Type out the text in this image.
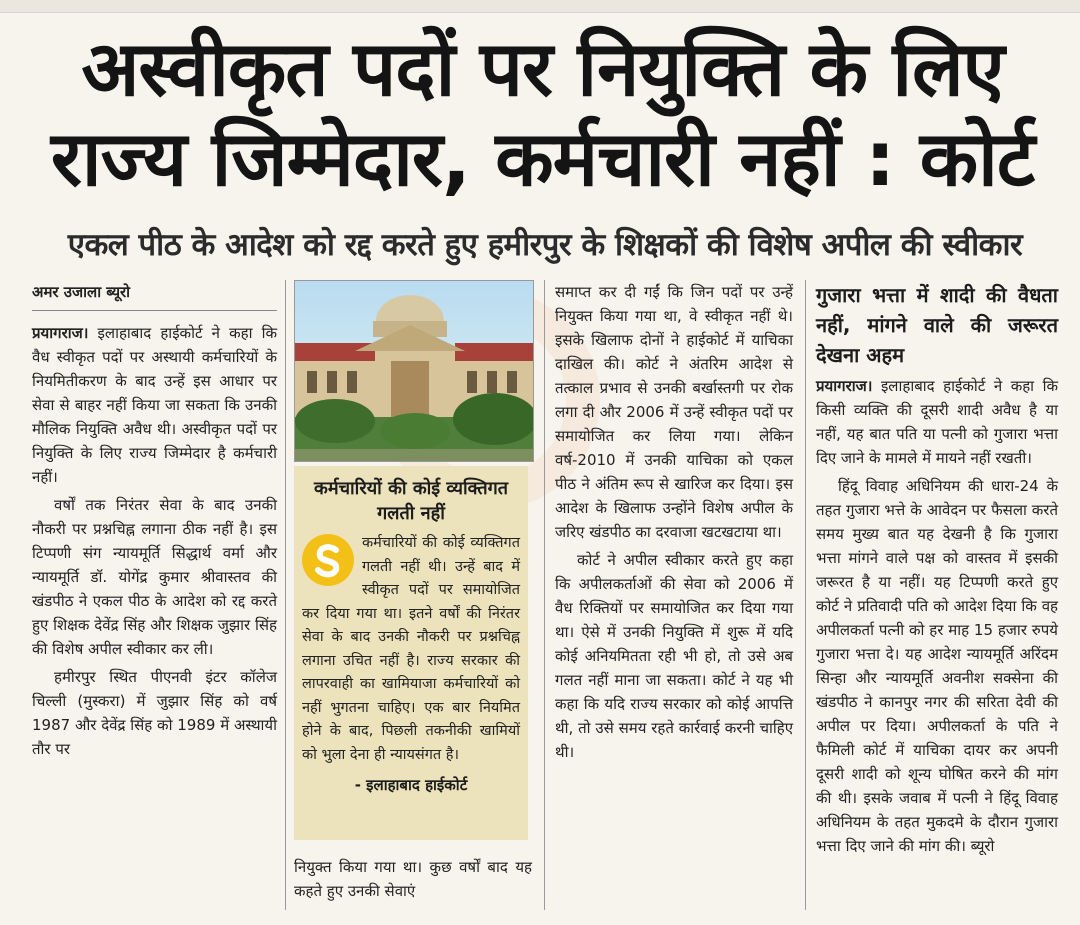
अस्वीकृत पदों पर नियुक्ति के लिए राज्य जिम्मेदार, कर्मचारी नहीं : कोर्ट
एकल पीठ के आदेश को रद्द करते हुए हमीरपुर के शिक्षकों की विशेष अपील की स्वीकार
अमर उजाला ब्यूरो

प्रयागराज। इलाहाबाद हाईकोर्ट ने कहा कि वैध स्वीकृत पदों पर अस्थायी कर्मचारियों के नियमितीकरण के बाद उन्हें इस आधार पर सेवा से बाहर नहीं किया जा सकता कि उनकी मौलिक नियुक्ति अवैध थी। अस्वीकृत पदों पर नियुक्ति के लिए राज्य जिम्मेदार है कर्मचारी नहीं।

वर्षों तक निरंतर सेवा के बाद उनकी नौकरी पर प्रश्नचिह्न लगाना ठीक नहीं है। इस टिप्पणी संग न्यायमूर्ति सिद्धार्थ वर्मा और न्यायमूर्ति डॉ. योगेंद्र कुमार श्रीवास्तव की खंडपीठ ने एकल पीठ के आदेश को रद्द करते हुए शिक्षक देवेंद्र सिंह और शिक्षक जुझार सिंह की विशेष अपील स्वीकार कर ली।

हमीरपुर स्थित पीएनवी इंटर कॉलेज चिल्ली (मुस्करा) में जुझार सिंह को वर्ष 1987 और देवेंद्र सिंह को 1989 में अस्थायी तौर पर

कर्मचारियों की कोई व्यक्तिगत गलती नहीं
कर्मचारियों की कोई व्यक्तिगत गलती नहीं थी। उन्हें बाद में स्वीकृत पदों पर समायोजित कर दिया गया था। इतने वर्षों की निरंतर सेवा के बाद उनकी नौकरी पर प्रश्नचिह्न लगाना उचित नहीं है। राज्य सरकार की लापरवाही का खामियाजा कर्मचारियों को नहीं भुगतना चाहिए। एक बार नियमित होने के बाद, पिछली तकनीकी खामियों को भुला देना ही न्यायसंगत है।
- इलाहाबाद हाईकोर्ट

नियुक्त किया गया था। कुछ वर्षों बाद यह कहते हुए उनकी सेवाएं

समाप्त कर दी गईं कि जिन पदों पर उन्हें नियुक्त किया गया था, वे स्वीकृत नहीं थे। इसके खिलाफ दोनों ने हाईकोर्ट में याचिका दाखिल की। कोर्ट ने अंतरिम आदेश से तत्काल प्रभाव से उनकी बर्खास्तगी पर रोक लगा दी और 2006 में उन्हें स्वीकृत पदों पर समायोजित कर लिया गया। लेकिन वर्ष-2010 में उनकी याचिका को एकल पीठ ने अंतिम रूप से खारिज कर दिया। इस आदेश के खिलाफ उन्होंने विशेष अपील के जरिए खंडपीठ का दरवाजा खटखटाया था।

कोर्ट ने अपील स्वीकार करते हुए कहा कि अपीलकर्ताओं की सेवा को 2006 में वैध रिक्तियों पर समायोजित कर दिया गया था। ऐसे में उनकी नियुक्ति में शुरू में यदि कोई अनियमितता रही भी हो, तो उसे अब गलत नहीं माना जा सकता। कोर्ट ने यह भी कहा कि यदि राज्य सरकार को कोई आपत्ति थी, तो उसे समय रहते कार्रवाई करनी चाहिए थी।

गुजारा भत्ता में शादी की वैधता नहीं, मांगने वाले की जरूरत देखना अहम

प्रयागराज। इलाहाबाद हाईकोर्ट ने कहा कि किसी व्यक्ति की दूसरी शादी अवैध है या नहीं, यह बात पति या पत्नी को गुजारा भत्ता दिए जाने के मामले में मायने नहीं रखती।

हिंदू विवाह अधिनियम की धारा-24 के तहत गुजारा भत्ते के आवेदन पर फैसला करते समय मुख्य बात यह देखनी है कि गुजारा भत्ता मांगने वाले पक्ष को वास्तव में इसकी जरूरत है या नहीं। यह टिप्पणी करते हुए कोर्ट ने प्रतिवादी पति को आदेश दिया कि वह अपीलकर्ता पत्नी को हर माह 15 हजार रुपये गुजारा भत्ता दे। यह आदेश न्यायमूर्ति अरिंदम सिन्हा और न्यायमूर्ति अवनीश सक्सेना की खंडपीठ ने कानपुर नगर की सरिता देवी की अपील पर दिया। अपीलकर्ता के पति ने फैमिली कोर्ट में याचिका दायर कर अपनी दूसरी शादी को शून्य घोषित करने की मांग की थी। इसके जवाब में पत्नी ने हिंदू विवाह अधिनियम के तहत मुकदमे के दौरान गुजारा भत्ता दिए जाने की मांग की। ब्यूरो
